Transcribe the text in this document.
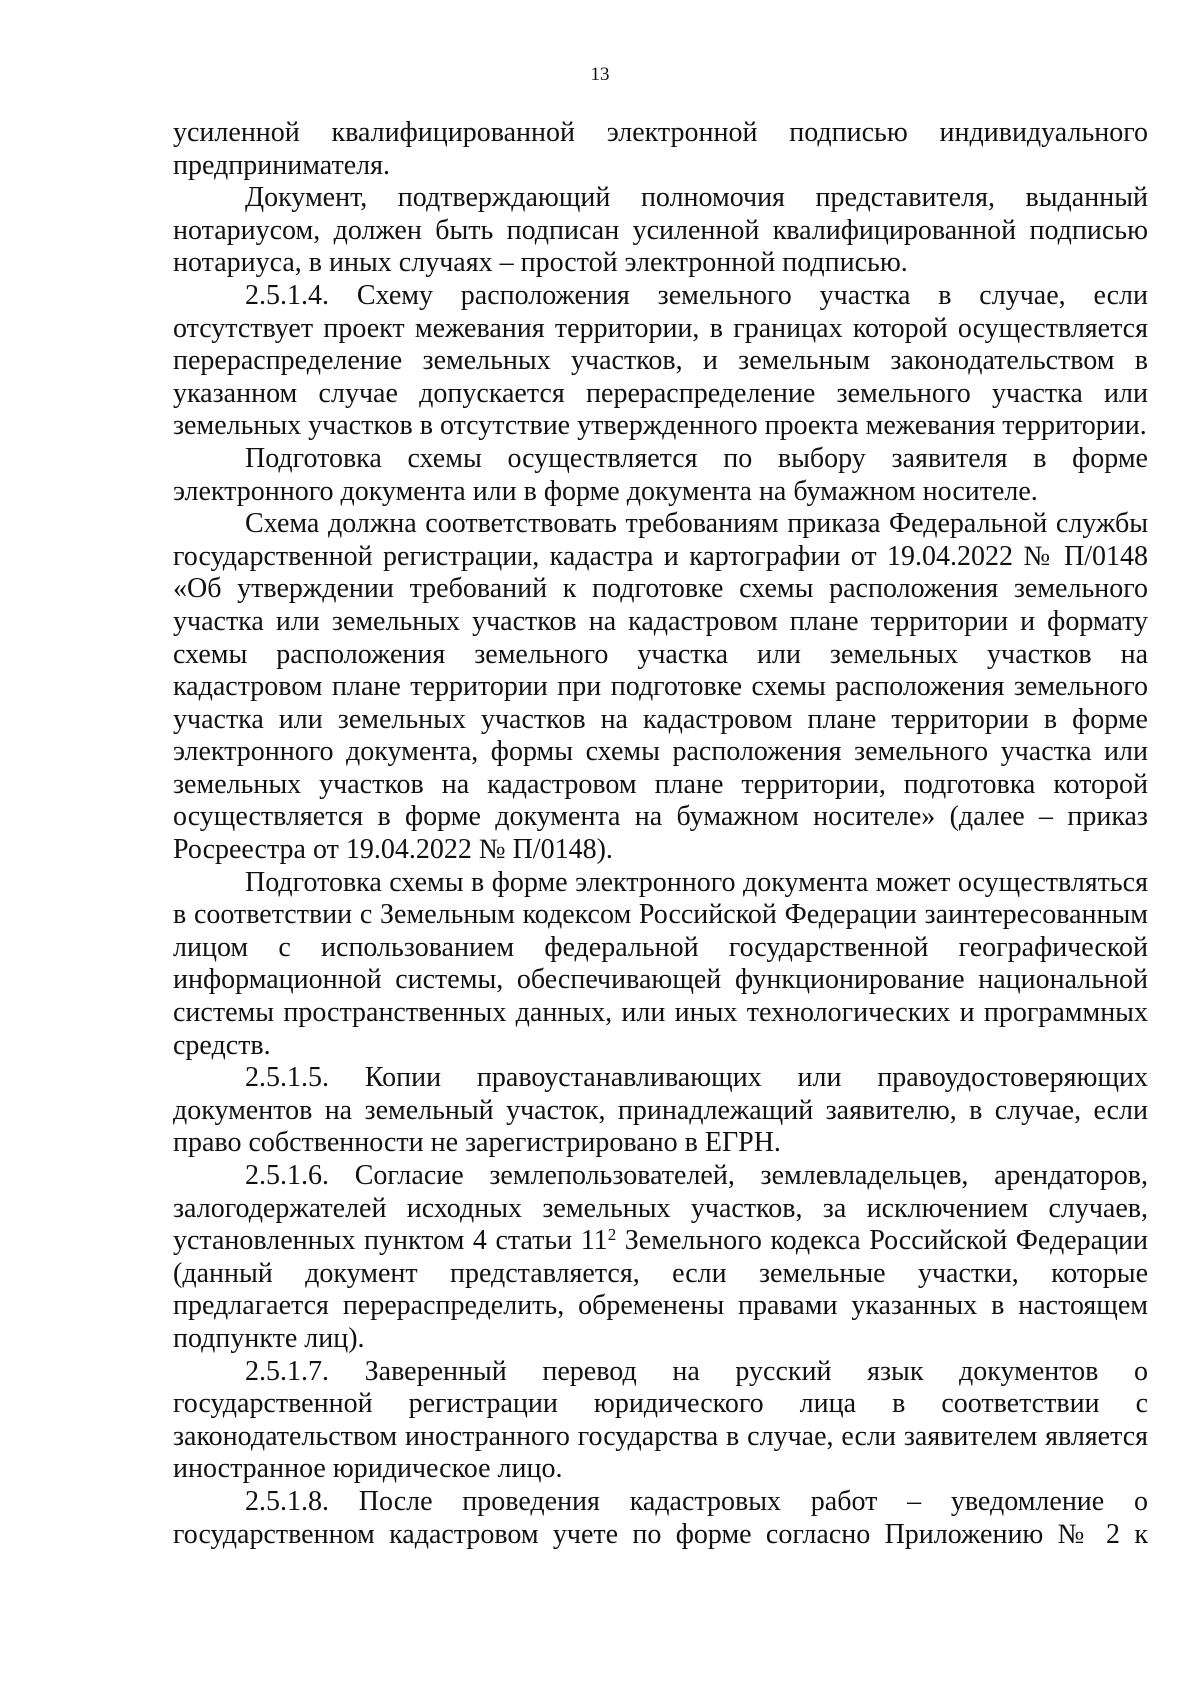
13

усиленной квалифицированной электронной подписью индивидуального предпринимателя.

Документ, подтверждающий полномочия представителя, выданный нотариусом, должен быть подписан усиленной квалифицированной подписью нотариуса, в иных случаях – простой электронной подписью.

2.5.1.4. Схему расположения земельного участка в случае, если отсутствует проект межевания территории, в границах которой осуществляется перераспределение земельных участков, и земельным законодательством в указанном случае допускается перераспределение земельного участка или земельных участков в отсутствие утвержденного проекта межевания территории.

Подготовка схемы осуществляется по выбору заявителя в форме электронного документа или в форме документа на бумажном носителе.

Схема должна соответствовать требованиям приказа Федеральной службы государственной регистрации, кадастра и картографии от 19.04.2022 № П/0148 «Об утверждении требований к подготовке схемы расположения земельного участка или земельных участков на кадастровом плане территории и формату схемы расположения земельного участка или земельных участков на кадастровом плане территории при подготовке схемы расположения земельного участка или земельных участков на кадастровом плане территории в форме электронного документа, формы схемы расположения земельного участка или земельных участков на кадастровом плане территории, подготовка которой осуществляется в форме документа на бумажном носителе» (далее – приказ Росреестра от 19.04.2022 № П/0148).

Подготовка схемы в форме электронного документа может осуществляться в соответствии с Земельным кодексом Российской Федерации заинтересованным лицом с использованием федеральной государственной географической информационной системы, обеспечивающей функционирование национальной системы пространственных данных, или иных технологических и программных средств.

2.5.1.5. Копии правоустанавливающих или правоудостоверяющих документов на земельный участок, принадлежащий заявителю, в случае, если право собственности не зарегистрировано в ЕГРН.

2.5.1.6. Согласие землепользователей, землевладельцев, арендаторов, залогодержателей исходных земельных участков, за исключением случаев, установленных пунктом 4 статьи $11^2$ Земельного кодекса Российской Федерации (данный документ представляется, если земельные участки, которые предлагается перераспределить, обременены правами указанных в настоящем подпункте лиц).

2.5.1.7. Заверенный перевод на русский язык документов о государственной регистрации юридического лица в соответствии с законодательством иностранного государства в случае, если заявителем является иностранное юридическое лицо.

2.5.1.8. После проведения кадастровых работ – уведомление о государственном кадастровом учете по форме согласно Приложению № 2 к
